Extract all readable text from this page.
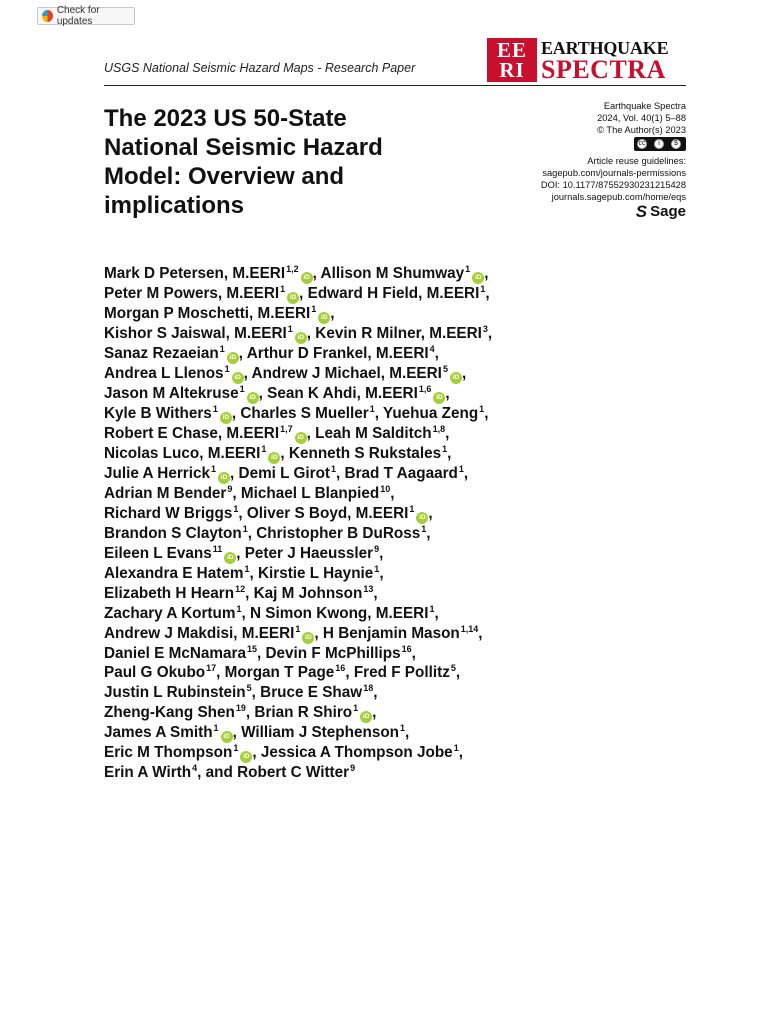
Check for updates
USGS National Seismic Hazard Maps - Research Paper
EE
RI
EARTHQUAKE
SPECTRA
The 2023 US 50-State National Seismic Hazard Model: Overview and implications
Earthquake Spectra
2024, Vol. 40(1) 5–88
© The Author(s) 2023
cc	i	$
Article reuse guidelines:
sagepub.com/journals-permissions
DOI: 10.1177/87552930231215428
journals.sagepub.com/home/eqs
S Sage
Mark D Petersen, M.EERI$^{1,2}$iD , Allison M Shumway$^1$iD ,
Peter M Powers, M.EERI$^1$iD , Edward H Field, M.EERI$^1$,
Morgan P Moschetti, M.EERI$^1$iD ,
Kishor S Jaiswal, M.EERI$^1$iD , Kevin R Milner, M.EERI$^3$,
Sanaz Rezaeian$^1$iD , Arthur D Frankel, M.EERI$^4$,
Andrea L Llenos$^1$iD , Andrew J Michael, M.EERI$^5$iD ,
Jason M Altekruse$^1$iD , Sean K Ahdi, M.EERI$^{1,6}$iD ,
Kyle B Withers$^1$iD , Charles S Mueller$^1$, Yuehua Zeng$^1$,
Robert E Chase, M.EERI$^{1,7}$iD , Leah M Salditch$^{1,8}$,
Nicolas Luco, M.EERI$^1$iD , Kenneth S Rukstales$^1$,
Julie A Herrick$^1$iD , Demi L Girot$^1$, Brad T Aagaard$^1$,
Adrian M Bender$^9$, Michael L Blanpied$^{10}$,
Richard W Briggs$^1$, Oliver S Boyd, M.EERI$^1$iD ,
Brandon S Clayton$^1$, Christopher B DuRoss$^1$,
Eileen L Evans$^{11}$iD , Peter J Haeussler$^9$,
Alexandra E Hatem$^1$, Kirstie L Haynie$^1$,
Elizabeth H Hearn$^{12}$, Kaj M Johnson$^{13}$,
Zachary A Kortum$^1$, N Simon Kwong, M.EERI$^1$,
Andrew J Makdisi, M.EERI$^1$iD , H Benjamin Mason$^{1,14}$,
Daniel E McNamara$^{15}$, Devin F McPhillips$^{16}$,
Paul G Okubo$^{17}$, Morgan T Page$^{16}$, Fred F Pollitz$^5$,
Justin L Rubinstein$^5$, Bruce E Shaw$^{18}$,
Zheng-Kang Shen$^{19}$, Brian R Shiro$^1$iD ,
James A Smith$^1$iD , William J Stephenson$^1$,
Eric M Thompson$^1$iD , Jessica A Thompson Jobe$^1$,
Erin A Wirth$^4$, and Robert C Witter$^9$
